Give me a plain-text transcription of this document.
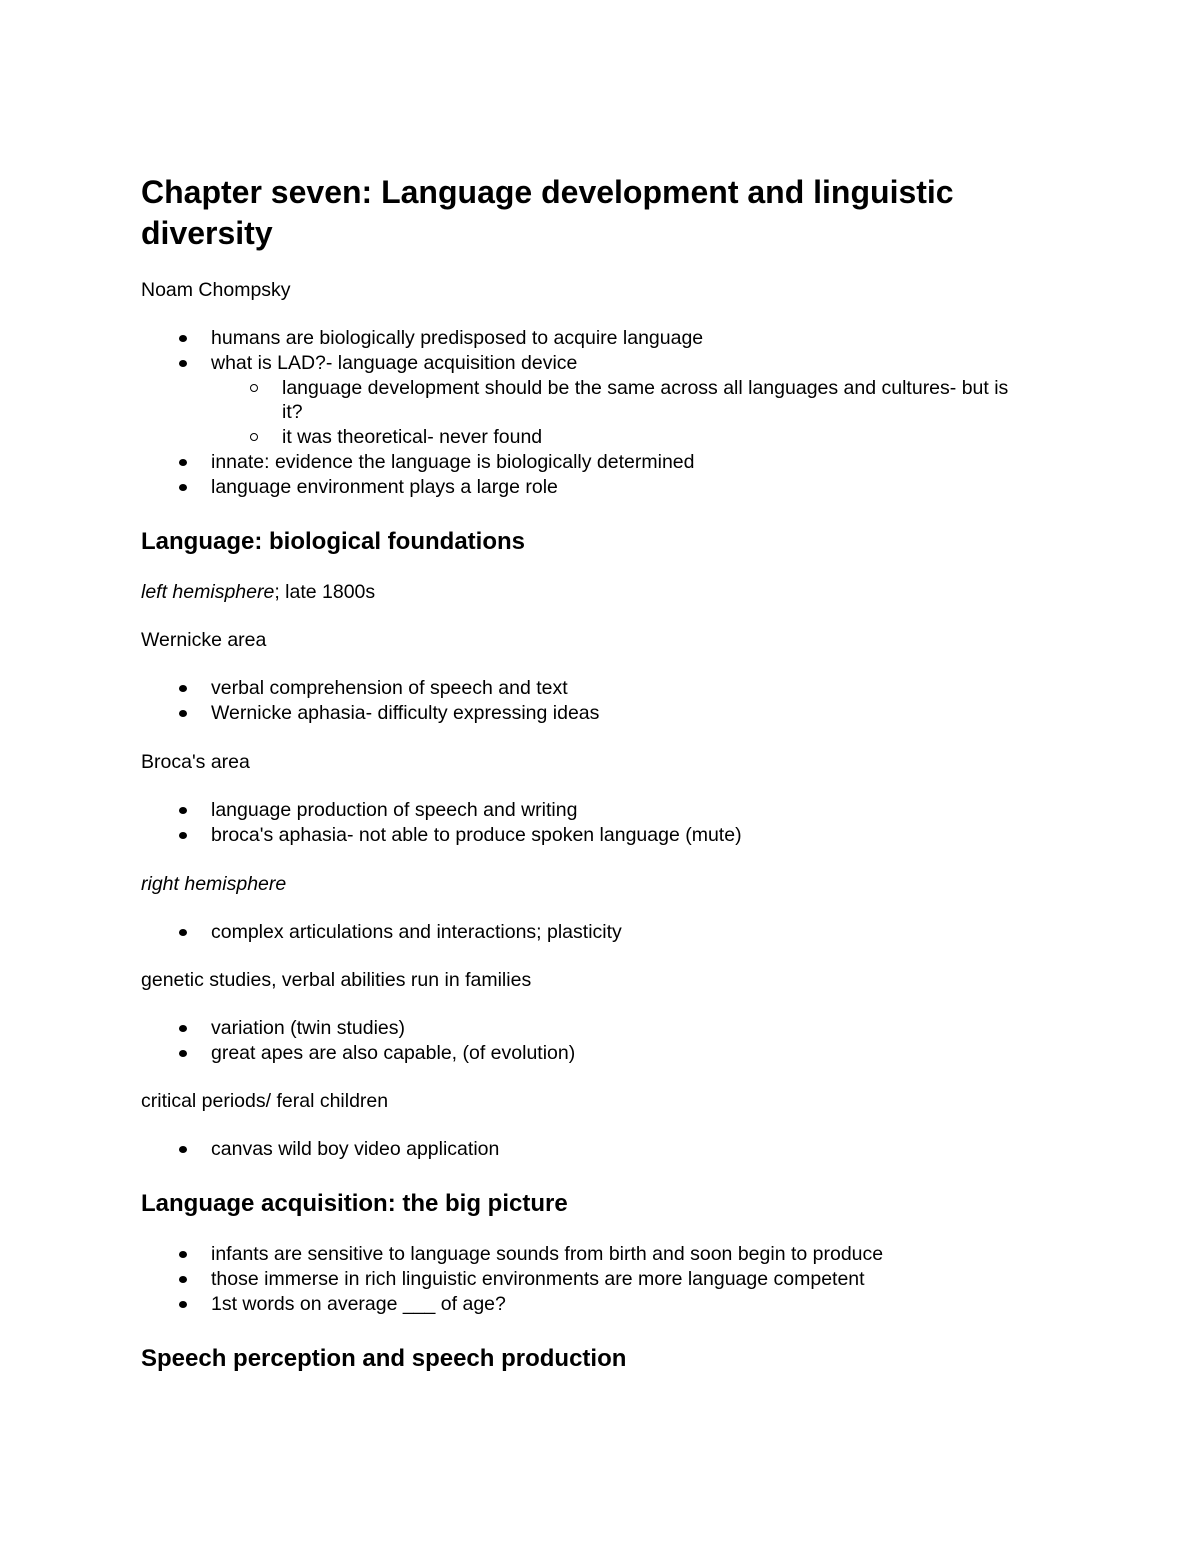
Chapter seven: Language development and linguistic diversity

Noam Chompsky

humans are biologically predisposed to acquire language
what is LAD?- language acquisition device
language development should be the same across all languages and cultures- but is it?
it was theoretical- never found
innate: evidence the language is biologically determined
language environment plays a large role
Language: biological foundations

left hemisphere; late 1800s

Wernicke area

verbal comprehension of speech and text
Wernicke aphasia- difficulty expressing ideas

Broca's area

language production of speech and writing
broca's aphasia- not able to produce spoken language (mute)

right hemisphere

complex articulations and interactions; plasticity

genetic studies, verbal abilities run in families

variation (twin studies)
great apes are also capable, (of evolution)

critical periods/ feral children

canvas wild boy video application
Language acquisition: the big picture
infants are sensitive to language sounds from birth and soon begin to produce
those immerse in rich linguistic environments are more language competent
1st words on average ___ of age?
Speech perception and speech production
